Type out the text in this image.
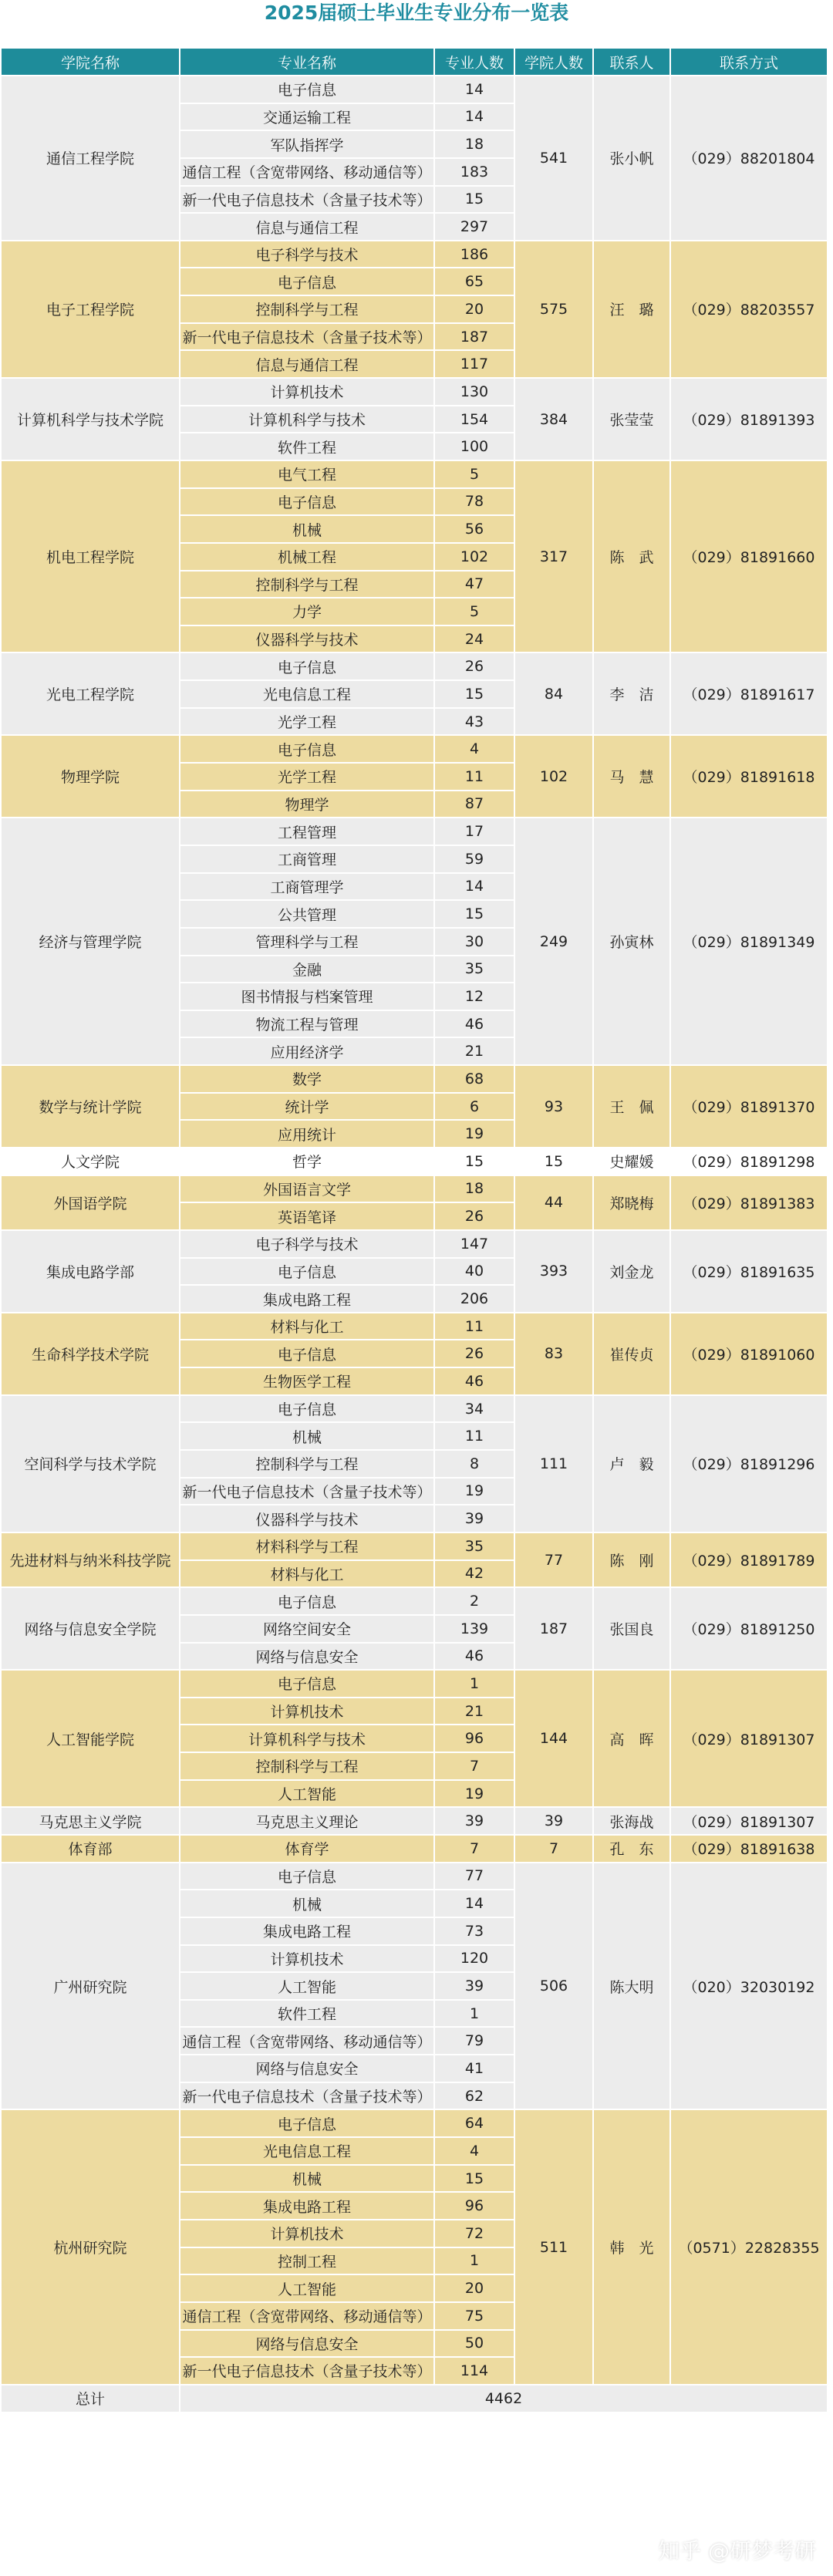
2025届硕士毕业生专业分布一览表
学院名称	专业名称	专业人数	学院人数	联系人	联系方式
通信工程学院	电子信息	14	541	张小帆	（029）88201804
	交通运输工程	14			
	军队指挥学	18			
	通信工程（含宽带网络、移动通信等）	183			
	新一代电子信息技术（含量子技术等）	15			
	信息与通信工程	297			
电子工程学院	电子科学与技术	186	575	汪　璐	（029）88203557
	电子信息	65			
	控制科学与工程	20			
	新一代电子信息技术（含量子技术等）	187			
	信息与通信工程	117			
计算机科学与技术学院	计算机技术	130	384	张莹莹	（029）81891393
	计算机科学与技术	154			
	软件工程	100			
机电工程学院	电气工程	5	317	陈　武	（029）81891660
	电子信息	78			
	机械	56			
	机械工程	102			
	控制科学与工程	47			
	力学	5			
	仪器科学与技术	24			
光电工程学院	电子信息	26	84	李　洁	（029）81891617
	光电信息工程	15			
	光学工程	43			
物理学院	电子信息	4	102	马　慧	（029）81891618
	光学工程	11			
	物理学	87			
经济与管理学院	工程管理	17	249	孙寅林	（029）81891349
	工商管理	59			
	工商管理学	14			
	公共管理	15			
	管理科学与工程	30			
	金融	35			
	图书情报与档案管理	12			
	物流工程与管理	46			
	应用经济学	21			
数学与统计学院	数学	68	93	王　佩	（029）81891370
	统计学	6			
	应用统计	19			
人文学院	哲学	15	15	史耀媛	（029）81891298
外国语学院	外国语言文学	18	44	郑晓梅	（029）81891383
	英语笔译	26			
集成电路学部	电子科学与技术	147	393	刘金龙	（029）81891635
	电子信息	40			
	集成电路工程	206			
生命科学技术学院	材料与化工	11	83	崔传贞	（029）81891060
	电子信息	26			
	生物医学工程	46			
空间科学与技术学院	电子信息	34	111	卢　毅	（029）81891296
	机械	11			
	控制科学与工程	8			
	新一代电子信息技术（含量子技术等）	19			
	仪器科学与技术	39			
先进材料与纳米科技学院	材料科学与工程	35	77	陈　刚	（029）81891789
	材料与化工	42			
网络与信息安全学院	电子信息	2	187	张国良	（029）81891250
	网络空间安全	139			
	网络与信息安全	46			
人工智能学院	电子信息	1	144	高　晖	（029）81891307
	计算机技术	21			
	计算机科学与技术	96			
	控制科学与工程	7			
	人工智能	19			
马克思主义学院	马克思主义理论	39	39	张海战	（029）81891307
体育部	体育学	7	7	孔　东	（029）81891638
广州研究院	电子信息	77	506	陈大明	（020）32030192
	机械	14			
	集成电路工程	73			
	计算机技术	120			
	人工智能	39			
	软件工程	1			
	通信工程（含宽带网络、移动通信等）	79			
	网络与信息安全	41			
	新一代电子信息技术（含量子技术等）	62			
杭州研究院	电子信息	64	511	韩　光	（0571）22828355
	光电信息工程	4			
	机械	15			
	集成电路工程	96			
	计算机技术	72			
	控制工程	1			
	人工智能	20			
	通信工程（含宽带网络、移动通信等）	75			
	网络与信息安全	50			
	新一代电子信息技术（含量子技术等）	114			
总计	4462				
知乎 @研梦考研
